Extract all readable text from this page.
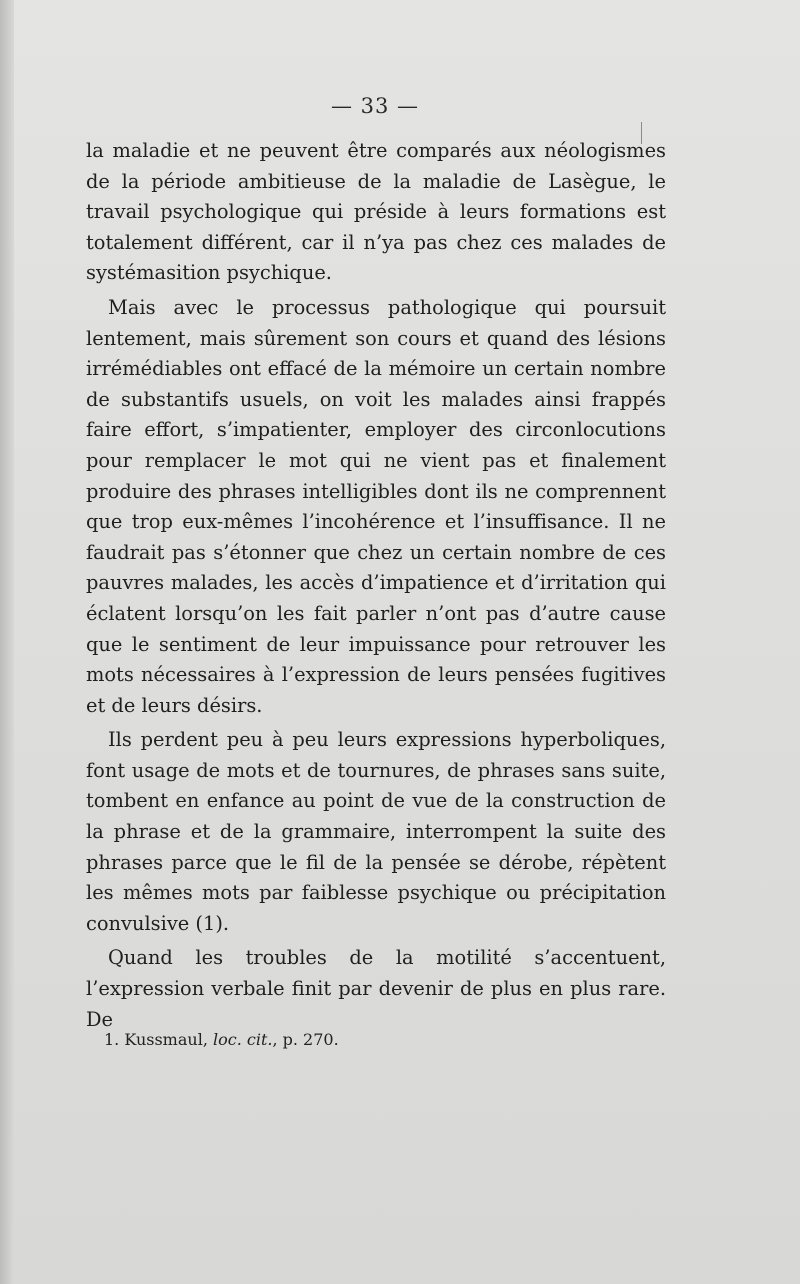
— 33 —

la maladie et ne peuvent être comparés aux néologismes de la période ambitieuse de la maladie de Lasègue, le travail psychologique qui préside à leurs formations est totalement différent, car il n’ya pas chez ces malades de systémasition psychique.

Mais avec le processus pathologique qui poursuit lentement, mais sûrement son cours et quand des lésions irrémédiables ont effacé de la mémoire un certain nombre de substantifs usuels, on voit les malades ainsi frappés faire effort, s’impatienter, employer des circonlocutions pour remplacer le mot qui ne vient pas et finalement produire des phrases intelligibles dont ils ne comprennent que trop eux-mêmes l’incohérence et l’insuffisance. Il ne faudrait pas s’étonner que chez un certain nombre de ces pauvres malades, les accès d’impatience et d’irritation qui éclatent lorsqu’on les fait parler n’ont pas d’autre cause que le sentiment de leur impuissance pour retrouver les mots nécessaires à l’expression de leurs pensées fugitives et de leurs désirs.

Ils perdent peu à peu leurs expressions hyperboliques, font usage de mots et de tournures, de phrases sans suite, tombent en enfance au point de vue de la construction de la phrase et de la grammaire, interrompent la suite des phrases parce que le fil de la pensée se dérobe, répètent les mêmes mots par faiblesse psychique ou précipitation convulsive (1).

Quand les troubles de la motilité s’accentuent, l’expression verbale finit par devenir de plus en plus rare. De

1. Kussmaul, loc. cit., p. 270.
